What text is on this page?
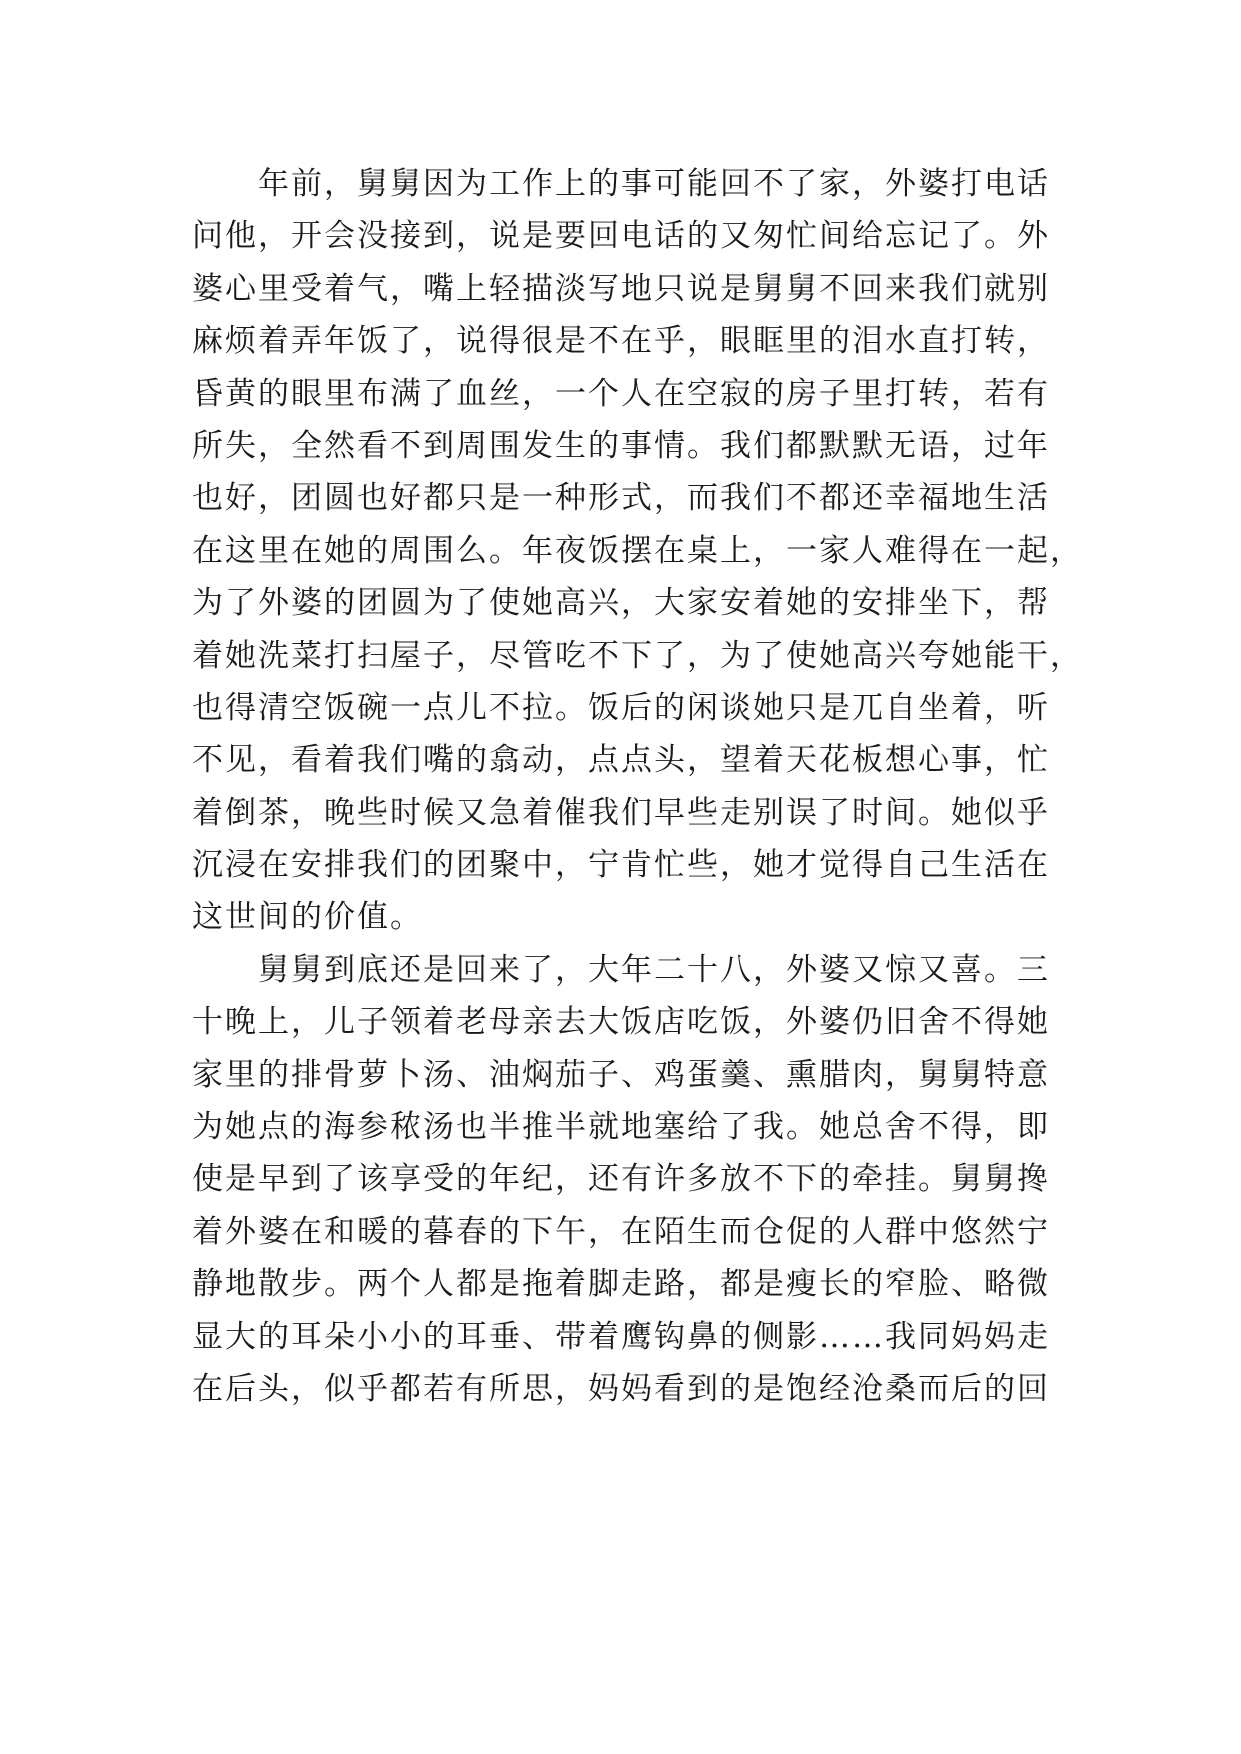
年前，舅舅因为工作上的事可能回不了家，外婆打电话
问他，开会没接到，说是要回电话的又匆忙间给忘记了。外
婆心里受着气，嘴上轻描淡写地只说是舅舅不回来我们就别
麻烦着弄年饭了，说得很是不在乎，眼眶里的泪水直打转，
昏黄的眼里布满了血丝，一个人在空寂的房子里打转，若有
所失，全然看不到周围发生的事情。我们都默默无语，过年
也好，团圆也好都只是一种形式，而我们不都还幸福地生活
在这里在她的周围么。年夜饭摆在桌上，一家人难得在一起，
为了外婆的团圆为了使她高兴，大家安着她的安排坐下，帮
着她洗菜打扫屋子，尽管吃不下了，为了使她高兴夸她能干，
也得清空饭碗一点儿不拉。饭后的闲谈她只是兀自坐着，听
不见，看着我们嘴的翕动，点点头，望着天花板想心事，忙
着倒茶，晚些时候又急着催我们早些走别误了时间。她似乎
沉浸在安排我们的团聚中，宁肯忙些，她才觉得自己生活在
这世间的价值。
舅舅到底还是回来了，大年二十八，外婆又惊又喜。三
十晚上，儿子领着老母亲去大饭店吃饭，外婆仍旧舍不得她
家里的排骨萝卜汤、油焖茄子、鸡蛋羹、熏腊肉，舅舅特意
为她点的海参秾汤也半推半就地塞给了我。她总舍不得，即
使是早到了该享受的年纪，还有许多放不下的牵挂。舅舅搀
着外婆在和暖的暮春的下午，在陌生而仓促的人群中悠然宁
静地散步。两个人都是拖着脚走路，都是瘦长的窄脸、略微
显大的耳朵小小的耳垂、带着鹰钩鼻的侧影……我同妈妈走
在后头，似乎都若有所思，妈妈看到的是饱经沧桑而后的回
